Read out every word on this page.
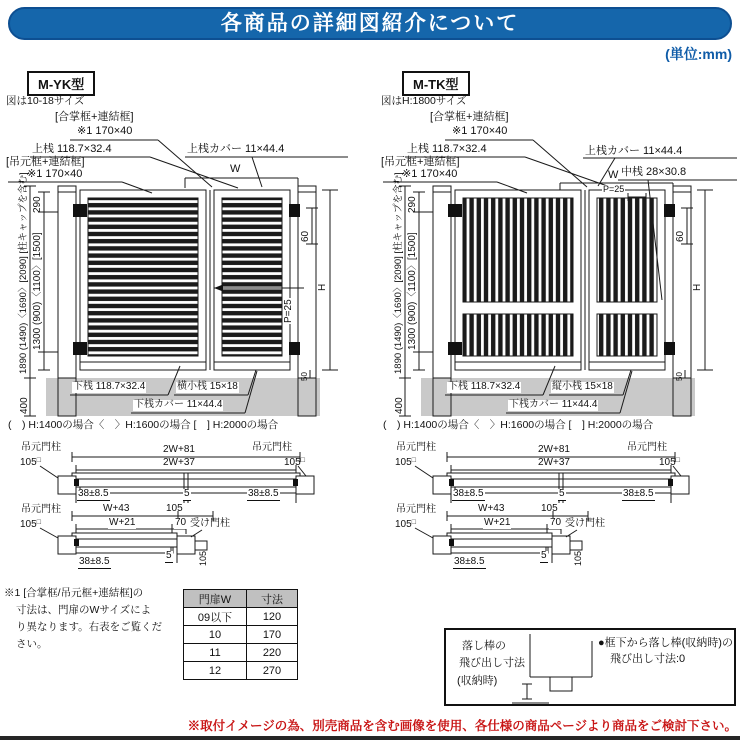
各商品の詳細図紹介について
(単位:mm)
M-YK型
図は10-18サイズ
[合掌框+連結框]
※1 170×40
上桟 118.7×32.4
[吊元框+連結框]
※1 170×40
上桟カバー 11×44.4
W
400
1890 (1490)〈1690〉[2090] [柱キャップを含む] 1300 (900)〈1100〉[1500]
290
60
H
P=25
50
下桟 118.7×32.4	横小桟 15×18
下桟カバー 11×44.4
(　) H:1400の場合〈　〉H:1600の場合 [　] H:2000の場合
M-TK型
図はH:1800サイズ
[合掌框+連結框]
※1 170×40
上桟 118.7×32.4
[吊元框+連結框]
※1 170×40
上桟カバー 11×44.4
中桟 28×30.8
W
P=25
400
1890 (1490)〈1690〉[2090] [柱キャップを含む] 1300 (900)〈1100〉[1500]
290
60
H
50
下桟 118.7×32.4	縦小桟 15×18
下桟カバー 11×44.4
(　) H:1400の場合〈　〉H:1600の場合 [　] H:2000の場合
吊元門柱
105□
2W+81
2W+37
吊元門柱
105□
38±8.5	5	38±8.5
吊元門柱
105□
W+43	105
W+21	70 受け門柱
5
38±8.5	105
吊元門柱
105□
2W+81
2W+37
吊元門柱
105□
38±8.5	5	38±8.5
吊元門柱
105□
W+43	105
W+21	70 受け門柱
5
38±8.5	105
※1 [合掌框/吊元框+連結框]の
寸法は、門扉のWサイズによ
り異なります。右表をご覧くだ
さい。
門扉W	寸法
09以下	120
10	170
11	220
12	270
落し棒の
飛び出し寸法
(収納時)
●框下から落し棒(収納時)の
飛び出し寸法:0
※取付イメージの為、別売商品を含む画像を使用、各仕様の商品ページより商品をご検討下さい。
